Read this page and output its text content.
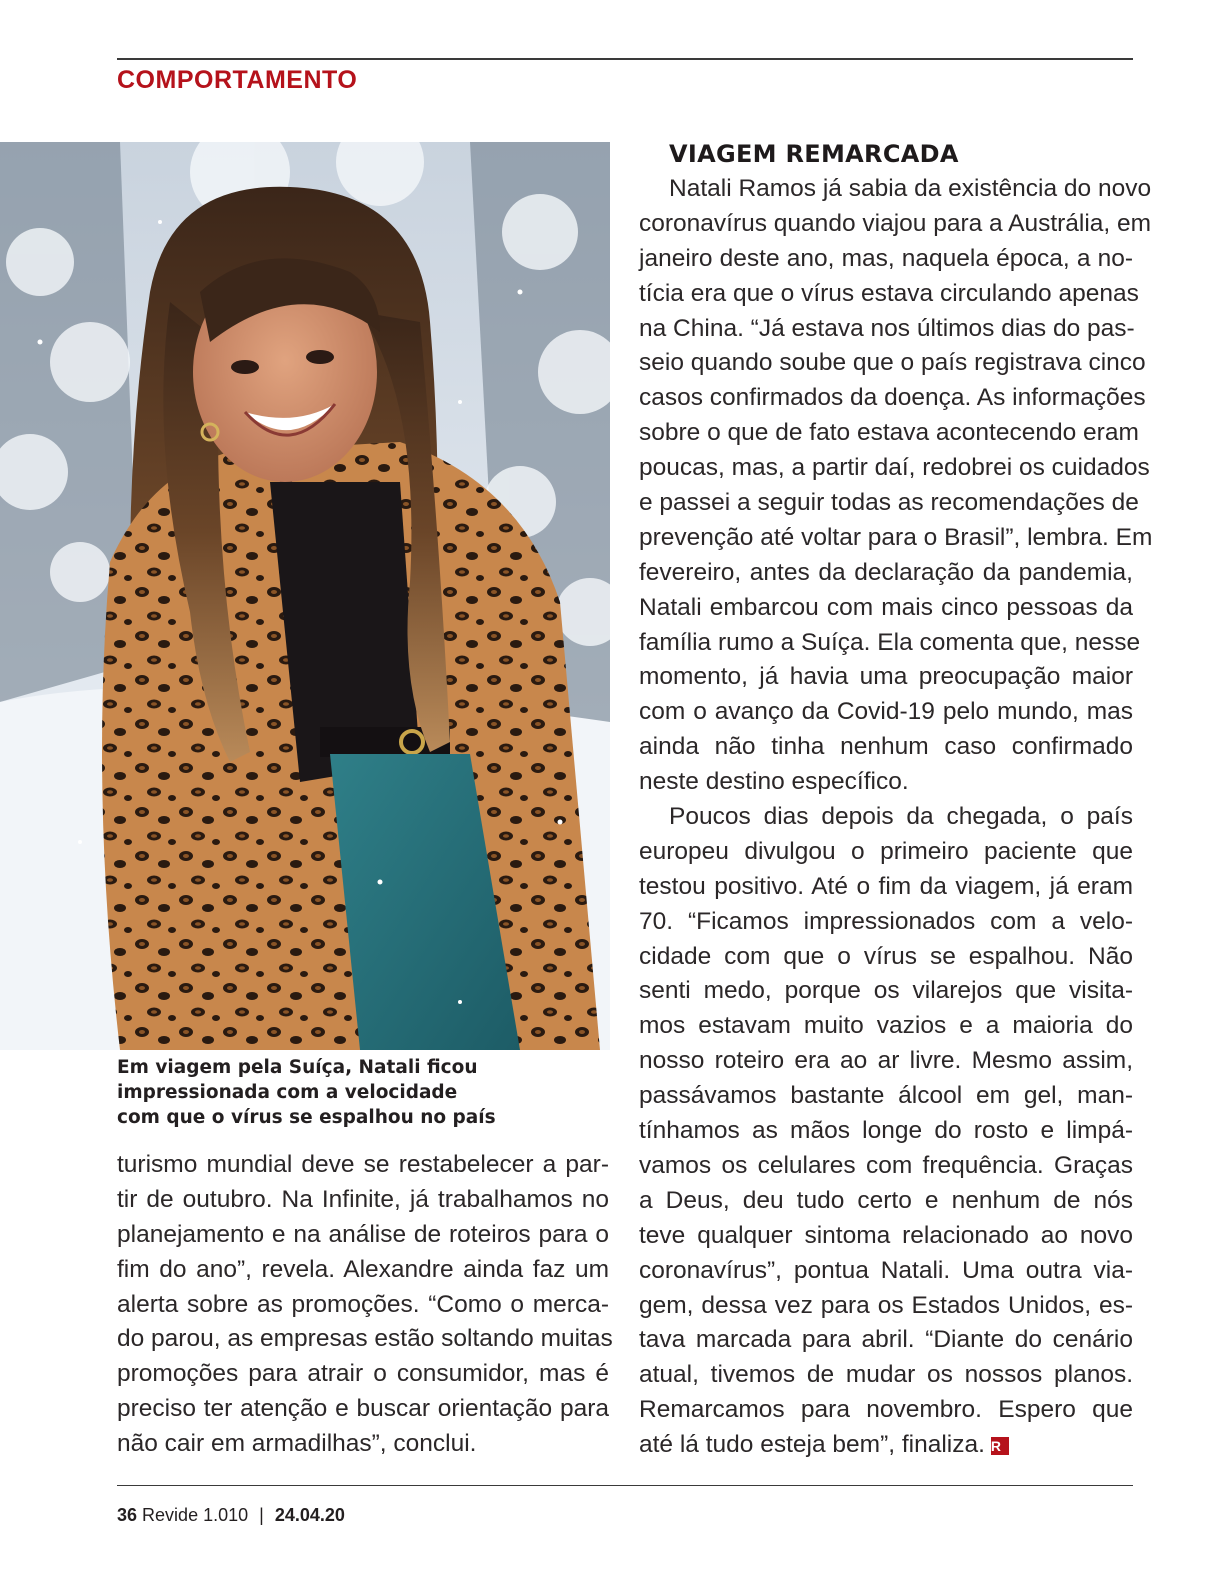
COMPORTAMENTO
Em viagem pela Suíça, Natali ficou
impressionada com a velocidade
com que o vírus se espalhou no país
turismo mundial deve se restabelecer a par-
tir de outubro. Na Infinite, já trabalhamos no
planejamento e na análise de roteiros para o
fim do ano”, revela. Alexandre ainda faz um
alerta sobre as promoções. “Como o merca-
do parou, as empresas estão soltando muitas
promoções para atrair o consumidor, mas é
preciso ter atenção e buscar orientação para
não cair em armadilhas”, conclui.
VIAGEM REMARCADA
Natali Ramos já sabia da existência do novo
coronavírus quando viajou para a Austrália, em
janeiro deste ano, mas, naquela época, a no-
tícia era que o vírus estava circulando apenas
na China. “Já estava nos últimos dias do pas-
seio quando soube que o país registrava cinco
casos confirmados da doença. As informações
sobre o que de fato estava acontecendo eram
poucas, mas, a partir daí, redobrei os cuidados
e passei a seguir todas as recomendações de
prevenção até voltar para o Brasil”, lembra. Em
fevereiro, antes da declaração da pandemia,
Natali embarcou com mais cinco pessoas da
família rumo a Suíça. Ela comenta que, nesse
momento, já havia uma preocupação maior
com o avanço da Covid-19 pelo mundo, mas
ainda não tinha nenhum caso confirmado
neste destino específico.
Poucos dias depois da chegada, o país
europeu divulgou o primeiro paciente que
testou positivo. Até o fim da viagem, já eram
70. “Ficamos impressionados com a velo-
cidade com que o vírus se espalhou. Não
senti medo, porque os vilarejos que visita-
mos estavam muito vazios e a maioria do
nosso roteiro era ao ar livre. Mesmo assim,
passávamos bastante álcool em gel, man-
tínhamos as mãos longe do rosto e limpá-
vamos os celulares com frequência. Graças
a Deus, deu tudo certo e nenhum de nós
teve qualquer sintoma relacionado ao novo
coronavírus”, pontua Natali. Uma outra via-
gem, dessa vez para os Estados Unidos, es-
tava marcada para abril. “Diante do cenário
atual, tivemos de mudar os nossos planos.
Remarcamos para novembro. Espero que
até lá tudo esteja bem”, finaliza. R
36 Revide 1.010 | 24.04.20
